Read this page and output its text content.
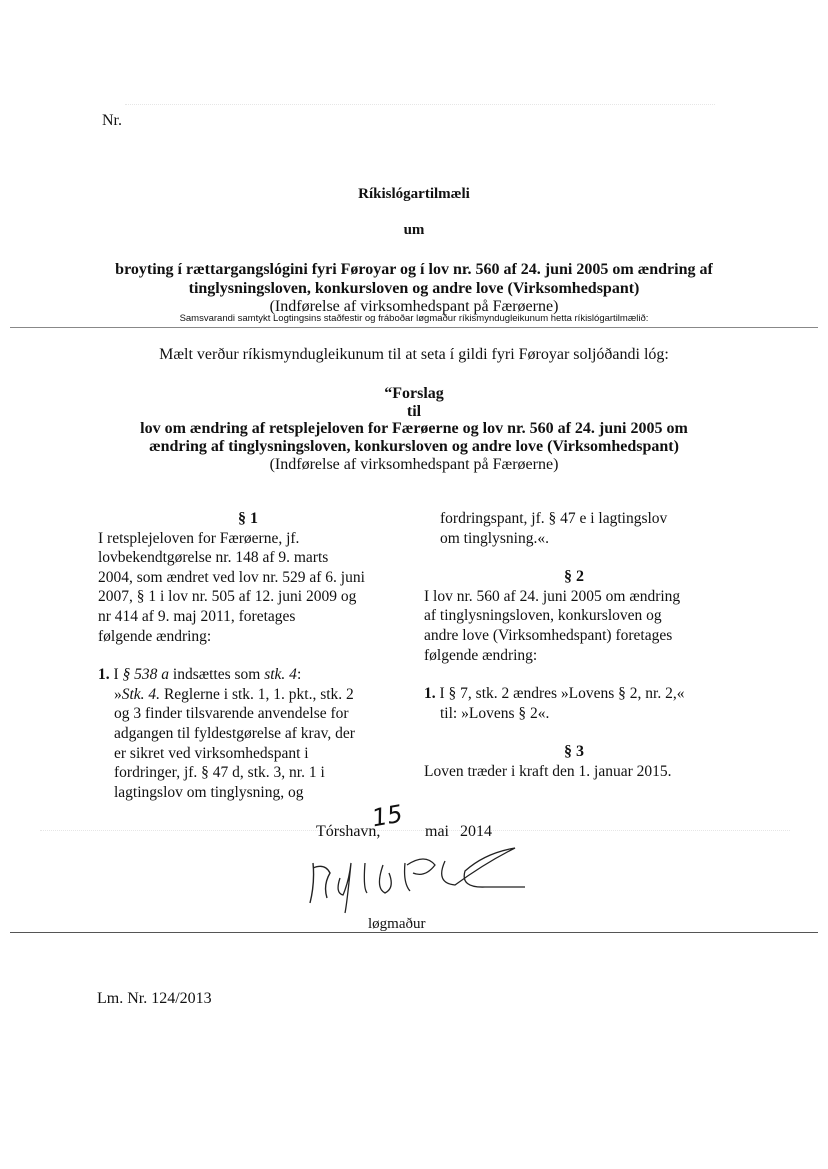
Nr.
Ríkislógartilmæli
um
broyting í rættargangslógini fyri Føroyar og í lov nr. 560 af 24. juni 2005 om ændring af
tinglysningsloven, konkursloven og andre love (Virksomhedspant)
(Indførelse af virksomhedspant på Færøerne)
Samsvarandi samtykt Logtingsins staðfestir og fráboðar løgmaður ríkismyndugleikunum hetta ríkislógartilmælið:
Mælt verður ríkismyndugleikunum til at seta í gildi fyri Føroyar soljóðandi lóg:
“Forslag
til
lov om ændring af retsplejeloven for Færøerne og lov nr. 560 af 24. juni 2005 om
ændring af tinglysningsloven, konkursloven og andre love (Virksomhedspant)
(Indførelse af virksomhedspant på Færøerne)

§ 1

I retsplejeloven for Færøerne, jf.

lovbekendtgørelse nr. 148 af 9. marts

2004, som ændret ved lov nr. 529 af 6. juni

2007, § 1 i lov nr. 505 af 12. juni 2009 og

nr 414 af 9. maj 2011, foretages

følgende ændring:

1. I § 538 a indsættes som stk. 4:

»Stk. 4. Reglerne i stk. 1, 1. pkt., stk. 2

og 3 finder tilsvarende anvendelse for

adgangen til fyldestgørelse af krav, der

er sikret ved virksomhedspant i

fordringer, jf. § 47 d, stk. 3, nr. 1 i

lagtingslov om tinglysning, og

fordringspant, jf. § 47 e i lagtingslov

om tinglysning.«.

§ 2

I lov nr. 560 af 24. juni 2005 om ændring

af tinglysningsloven, konkursloven og

andre love (Virksomhedspant) foretages

følgende ændring:

1. I § 7, stk. 2 ændres »Lovens § 2, nr. 2,«

til: »Lovens § 2«.

§ 3

Loven træder i kraft den 1. januar 2015.

Tórshavn,
15 mai 2014
løgmaður
Lm. Nr. 124/2013
